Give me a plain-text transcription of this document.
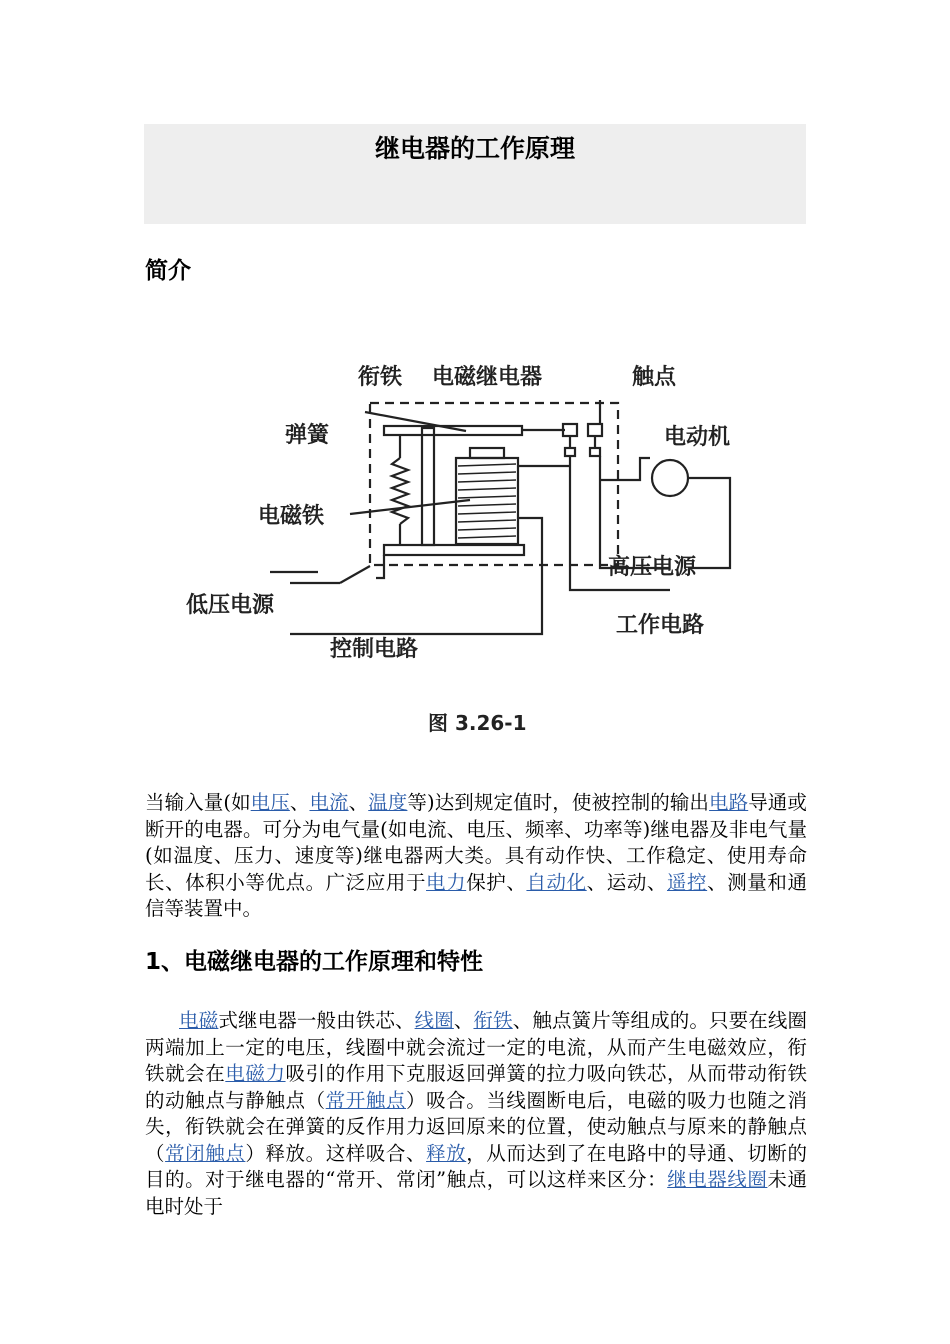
继电器的工作原理
简介
衔铁 电磁继电器	触点
弹簧	电动机
电磁铁
高压电源
低压电源
工作电路
控制电路
图 3.26-1

当输入量(如电压、电流、温度等)达到规定值时，使被控制的输出电路导通或断开的电器。可分为电气量(如电流、电压、频率、功率等)继电器及非电气量(如温度、压力、速度等)继电器两大类。具有动作快、工作稳定、使用寿命长、体积小等优点。广泛应用于电力保护、自动化、运动、遥控、测量和通信等装置中。

1、电磁继电器的工作原理和特性

电磁式继电器一般由铁芯、线圈、衔铁、触点簧片等组成的。只要在线圈两端加上一定的电压，线圈中就会流过一定的电流，从而产生电磁效应，衔铁就会在电磁力吸引的作用下克服返回弹簧的拉力吸向铁芯，从而带动衔铁的动触点与静触点（常开触点）吸合。当线圈断电后，电磁的吸力也随之消失，衔铁就会在弹簧的反作用力返回原来的位置，使动触点与原来的静触点（常闭触点）释放。这样吸合、释放，从而达到了在电路中的导通、切断的目的。对于继电器的“常开、常闭”触点，可以这样来区分：继电器线圈未通电时处于
